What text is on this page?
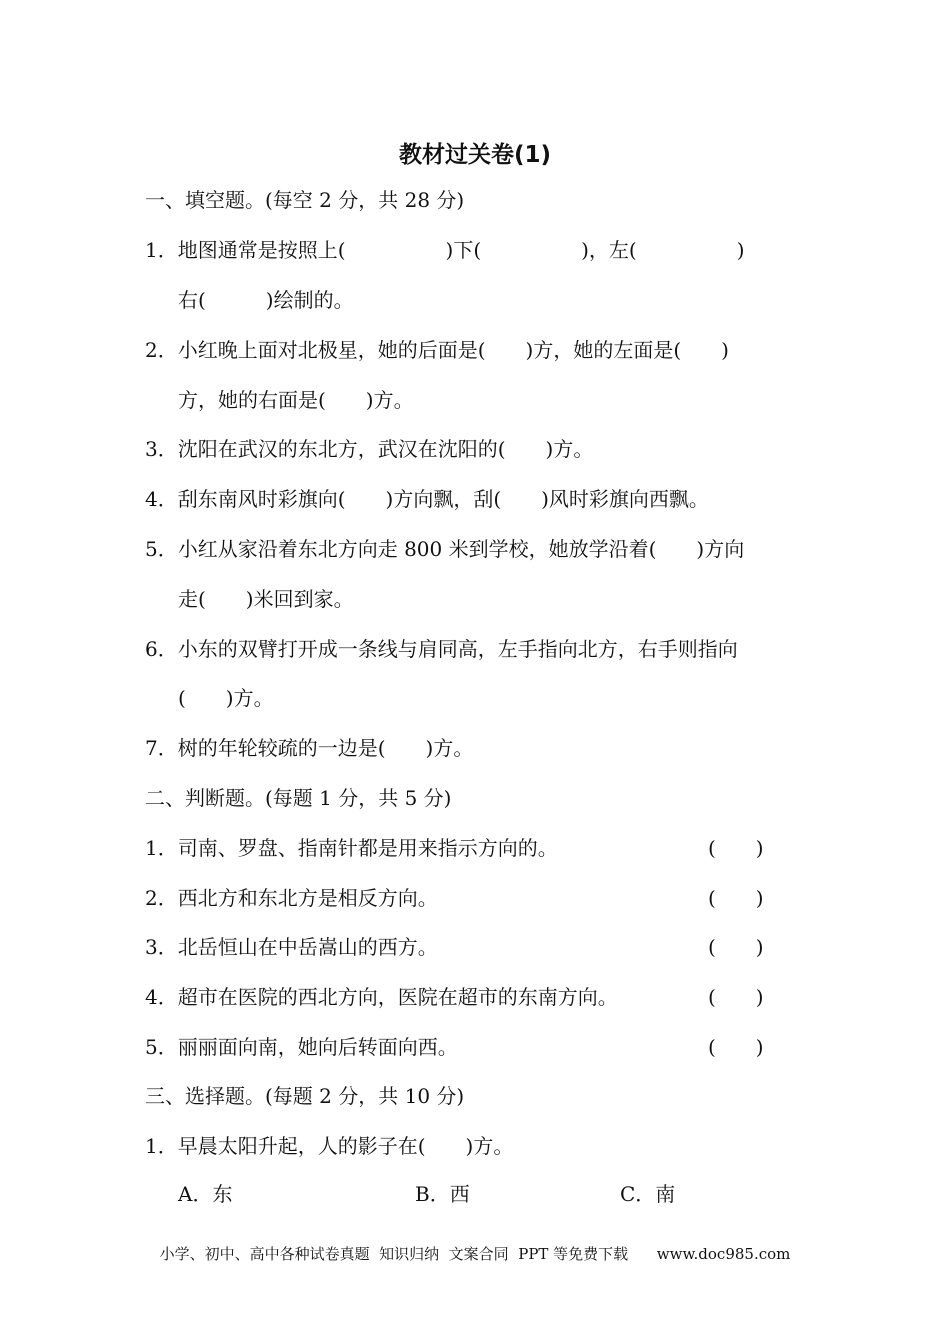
教材过关卷(1)
一、填空题。(每空 2 分，共 28 分)
1．地图通常是按照上(　　　　　)下(　　　　　)，左(　　　　　)
右(　　　)绘制的。
2．小红晚上面对北极星，她的后面是(　　)方，她的左面是(　　)
方，她的右面是(　　)方。
3．沈阳在武汉的东北方，武汉在沈阳的(　　)方。
4．刮东南风时彩旗向(　　)方向飘，刮(　　)风时彩旗向西飘。
5．小红从家沿着东北方向走 800 米到学校，她放学沿着(　　)方向
走(　　)米回到家。
6．小东的双臂打开成一条线与肩同高，左手指向北方，右手则指向
(　　)方。
7．树的年轮较疏的一边是(　　)方。
二、判断题。(每题 1 分，共 5 分)
1．司南、罗盘、指南针都是用来指示方向的。	(　　)
2．西北方和东北方是相反方向。	(　　)
3．北岳恒山在中岳嵩山的西方。	(　　)
4．超市在医院的西北方向，医院在超市的东南方向。	(　　)
5．丽丽面向南，她向后转面向西。	(　　)
三、选择题。(每题 2 分，共 10 分)
1．早晨太阳升起，人的影子在(　　)方。
A．东	B．西	C．南
小学、初中、高中各种试卷真题  知识归纳  文案合同  PPT 等免费下载      www.doc985.com
